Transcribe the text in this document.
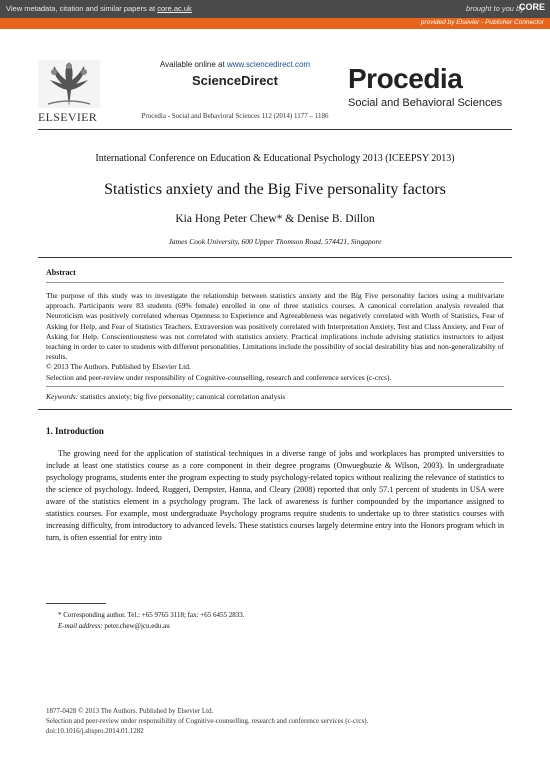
View metadata, citation and similar papers at core.ac.uk	brought to you by
CORE
provided by Elsevier - Publisher Connector
ELSEVIER
Available online at www.sciencedirect.com
ScienceDirect
Procedia - Social and Behavioral Sciences 112 (2014) 1177 – 1186
Procedia
Social and Behavioral Sciences
International Conference on Education & Educational Psychology 2013 (ICEEPSY 2013)
Statistics anxiety and the Big Five personality factors
Kia Hong Peter Chew* & Denise B. Dillon
James Cook University, 600 Upper Thomson Road, 574421, Singapore
Abstract
The purpose of this study was to investigate the relationship between statistics anxiety and the Big Five personality factors using a multivariate approach. Participants were 83 students (69% female) enrolled in one of three statistics courses. A canonical correlation analysis revealed that Neuroticism was positively correlated whereas Openness to Experience and Agreeableness was negatively correlated with Worth of Statistics, Fear of Asking for Help, and Fear of Statistics Teachers. Extraversion was positively correlated with Interpretation Anxiety, Test and Class Anxiety, and Fear of Asking for Help. Conscientiousness was not correlated with statistics anxiety. Practical implications include advising statistics instructors to adjust teaching in order to cater to students with different personalities. Limitations include the possibility of social desirability bias and non-generalizabilty of results.
© 2013 The Authors. Published by Elsevier Ltd.
Selection and peer-review under responsibility of Cognitive-counselling, research and conference services (c-crcs).
Keywords: statistics anxiety; big five personality; canonical correlation analysis
1. Introduction
The growing need for the application of statistical techniques in a diverse range of jobs and workplaces has prompted universities to include at least one statistics course as a core component in their degree programs (Onwuegbuzie & Wilson, 2003). In undergraduate psychology programs, students enter the program expecting to study psychology-related topics without realizing the relevance of statistics to the science of psychology. Indeed, Ruggeri, Dempster, Hanna, and Cleary (2008) reported that only 57.1 percent of students in USA were aware of the statistics element in a psychology program. The lack of awareness is further compounded by the importance assigned to statistics courses. For example, most undergraduate Psychology programs require students to undertake up to three statistics courses with increasing difficulty, from introductory to advanced levels. These statistics courses largely determine entry into the Honors program which in turn, is often essential for entry into
* Corresponding author. Tel.: +65 9765 3118; fax: +65 6455 2833.
E-mail address: peter.chew@jcu.edu.au
1877-0428 © 2013 The Authors. Published by Elsevier Ltd.
Selection and peer-review under responsibility of Cognitive-counselling, research and conference services (c-crcs).
doi:10.1016/j.sbspro.2014.01.1282
